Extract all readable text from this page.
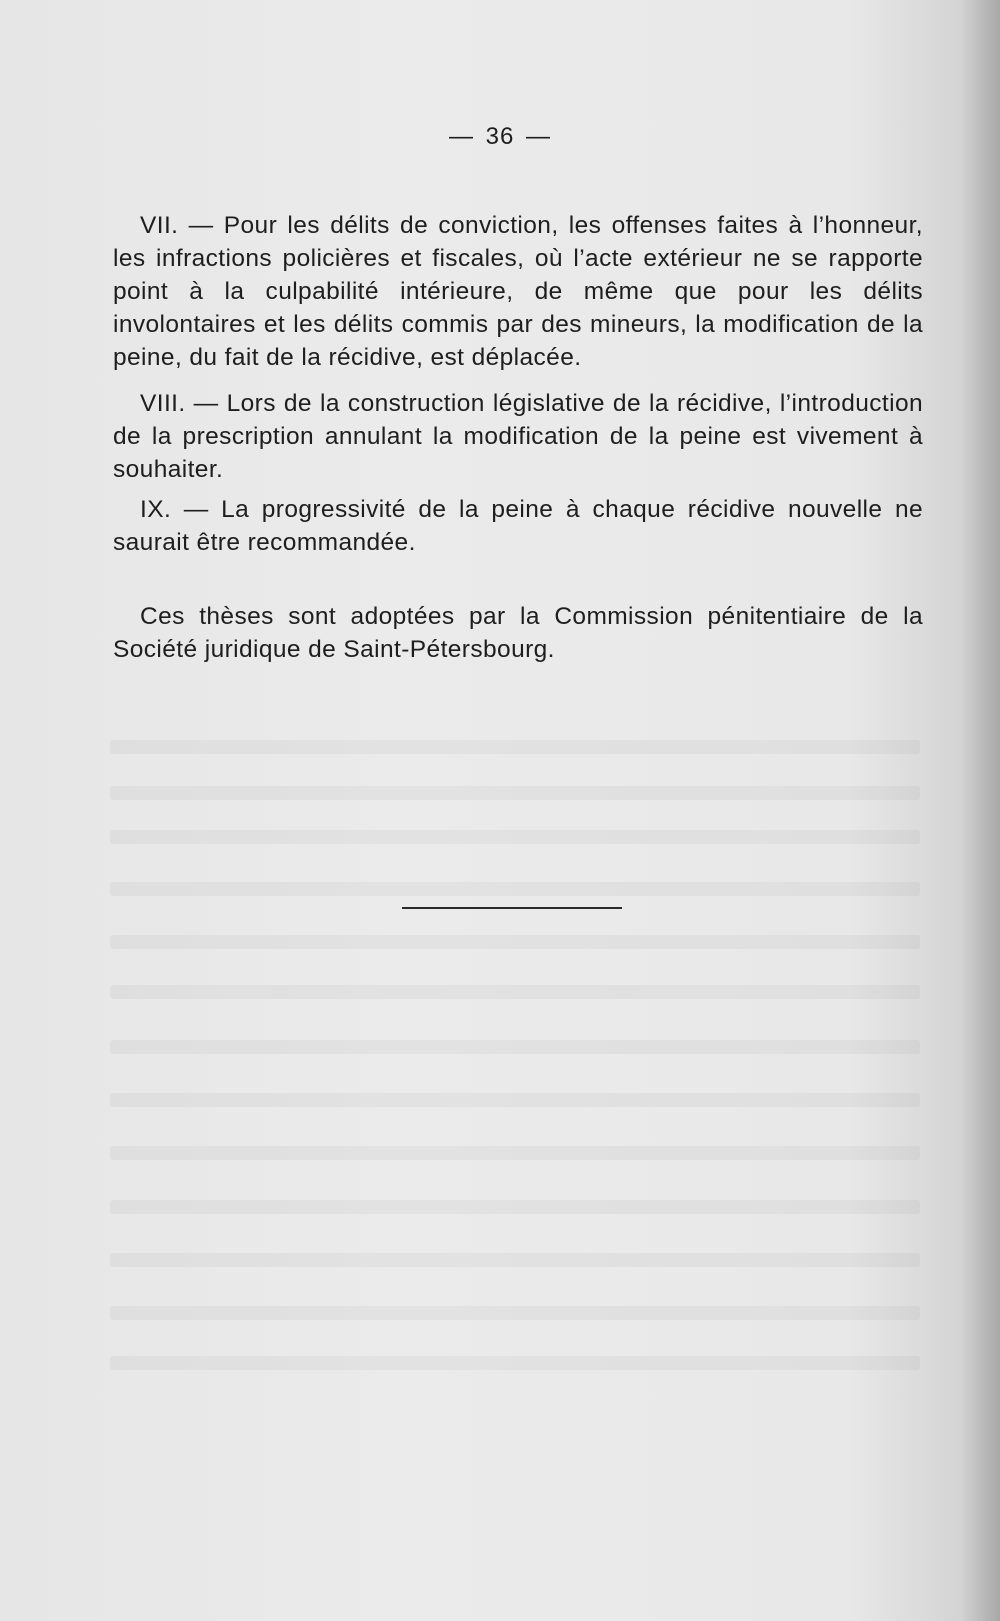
— 36 —

VII. — Pour les délits de conviction, les offenses faites à l’honneur, les infractions policières et fiscales, où l’acte extérieur ne se rapporte point à la culpabilité intérieure, de même que pour les délits involontaires et les délits commis par des mineurs, la modification de la peine, du fait de la récidive, est déplacée.

VIII. — Lors de la construction législative de la récidive, l’introduction de la prescription annulant la modification de la peine est vivement à souhaiter.

IX. — La progressivité de la peine à chaque récidive nouvelle ne saurait être recommandée.

Ces thèses sont adoptées par la Commission pénitentiaire de la Société juridique de Saint-Pétersbourg.
